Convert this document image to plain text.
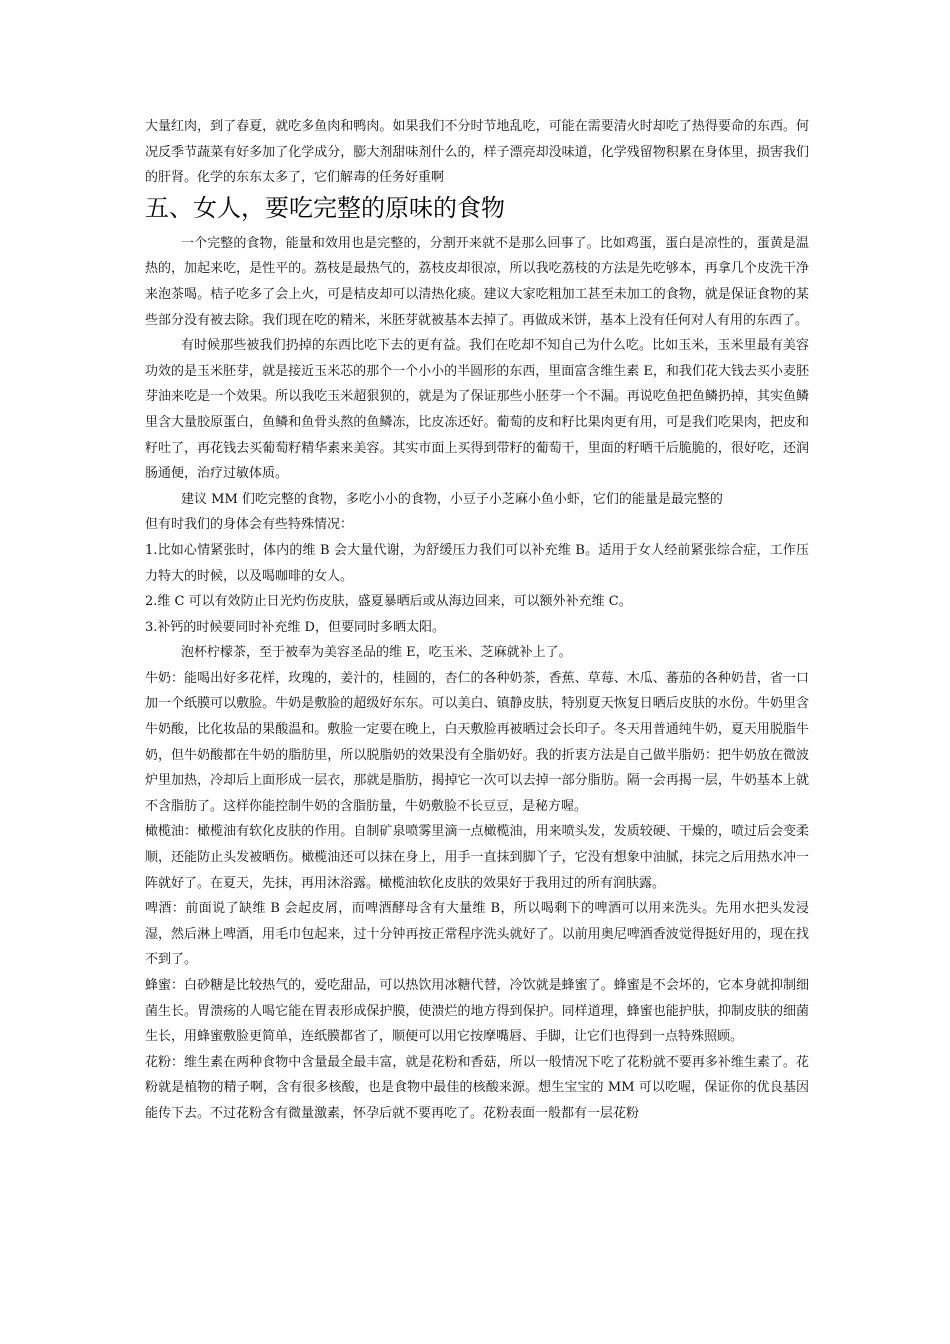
大量红肉，到了春夏，就吃多鱼肉和鸭肉。如果我们不分时节地乱吃，可能在需要清火时却吃了热得要命的东西。何况反季节蔬菜有好多加了化学成分，膨大剂甜味剂什么的，样子漂亮却没味道，化学残留物积累在身体里，损害我们的肝肾。化学的东东太多了，它们解毒的任务好重啊

五、女人，要吃完整的原味的食物

一个完整的食物，能量和效用也是完整的，分割开来就不是那么回事了。比如鸡蛋，蛋白是凉性的，蛋黄是温热的，加起来吃，是性平的。荔枝是最热气的，荔枝皮却很凉，所以我吃荔枝的方法是先吃够本，再拿几个皮洗干净来泡茶喝。桔子吃多了会上火，可是桔皮却可以清热化痰。建议大家吃粗加工甚至未加工的食物，就是保证食物的某些部分没有被去除。我们现在吃的精米，米胚芽就被基本去掉了。再做成米饼，基本上没有任何对人有用的东西了。

有时候那些被我们扔掉的东西比吃下去的更有益。我们在吃却不知自己为什么吃。比如玉米，玉米里最有美容功效的是玉米胚芽，就是接近玉米芯的那个一个小小的半圆形的东西，里面富含维生素 E，和我们花大钱去买小麦胚芽油来吃是一个效果。所以我吃玉米超狠狈的，就是为了保证那些小胚芽一个不漏。再说吃鱼把鱼鳞扔掉，其实鱼鳞里含大量胶原蛋白，鱼鳞和鱼骨头熬的鱼鳞冻，比皮冻还好。葡萄的皮和籽比果肉更有用，可是我们吃果肉，把皮和籽吐了，再花钱去买葡萄籽精华素来美容。其实市面上买得到带籽的葡萄干，里面的籽晒干后脆脆的，很好吃，还润肠通便，治疗过敏体质。

建议 MM 们吃完整的食物，多吃小小的食物，小豆子小芝麻小鱼小虾，它们的能量是最完整的

但有时我们的身体会有些特殊情况：

1.比如心情紧张时，体内的维 B 会大量代谢，为舒缓压力我们可以补充维 B。适用于女人经前紧张综合症，工作压力特大的时候，以及喝咖啡的女人。

2.维 C 可以有效防止日光灼伤皮肤，盛夏暴晒后或从海边回来，可以额外补充维 C。

3.补钙的时候要同时补充维 D，但要同时多晒太阳。

泡杯柠檬茶，至于被奉为美容圣品的维 E，吃玉米、芝麻就补上了。

牛奶：能喝出好多花样，玫瑰的，姜汁的，桂圆的，杏仁的各种奶茶，香蕉、草莓、木瓜、蕃茄的各种奶昔，省一口加一个纸膜可以敷脸。牛奶是敷脸的超级好东东。可以美白、镇静皮肤，特别夏天恢复日晒后皮肤的水份。牛奶里含牛奶酸，比化妆品的果酸温和。敷脸一定要在晚上，白天敷脸再被晒过会长印子。冬天用普通纯牛奶，夏天用脱脂牛奶，但牛奶酸都在牛奶的脂肪里，所以脱脂奶的效果没有全脂奶好。我的折衷方法是自己做半脂奶：把牛奶放在微波炉里加热，冷却后上面形成一层衣，那就是脂肪，揭掉它一次可以去掉一部分脂肪。隔一会再揭一层，牛奶基本上就不含脂肪了。这样你能控制牛奶的含脂肪量，牛奶敷脸不长豆豆，是秘方喔。

橄榄油：橄榄油有软化皮肤的作用。自制矿泉喷雾里滴一点橄榄油，用来喷头发，发质较硬、干燥的，喷过后会变柔顺，还能防止头发被晒伤。橄榄油还可以抹在身上，用手一直抹到脚丫子，它没有想象中油腻，抹完之后用热水冲一阵就好了。在夏天，先抹，再用沐浴露。橄榄油软化皮肤的效果好于我用过的所有润肤露。

啤酒：前面说了缺维 B 会起皮屑，而啤酒酵母含有大量维 B，所以喝剩下的啤酒可以用来洗头。先用水把头发浸湿，然后淋上啤酒，用毛巾包起来，过十分钟再按正常程序洗头就好了。以前用奥尼啤酒香波觉得挺好用的，现在找不到了。

蜂蜜：白砂糖是比较热气的，爱吃甜品，可以热饮用冰糖代替，冷饮就是蜂蜜了。蜂蜜是不会坏的，它本身就抑制细菌生长。胃溃疡的人喝它能在胃表形成保护膜，使溃烂的地方得到保护。同样道理，蜂蜜也能护肤，抑制皮肤的细菌生长，用蜂蜜敷脸更简单，连纸膜都省了，顺便可以用它按摩嘴唇、手脚，让它们也得到一点特殊照顾。

花粉：维生素在两种食物中含量最全最丰富，就是花粉和香菇，所以一般情况下吃了花粉就不要再多补维生素了。花粉就是植物的精子啊，含有很多核酸，也是食物中最佳的核酸来源。想生宝宝的 MM 可以吃喔，保证你的优良基因能传下去。不过花粉含有微量激素，怀孕后就不要再吃了。花粉表面一般都有一层花粉
